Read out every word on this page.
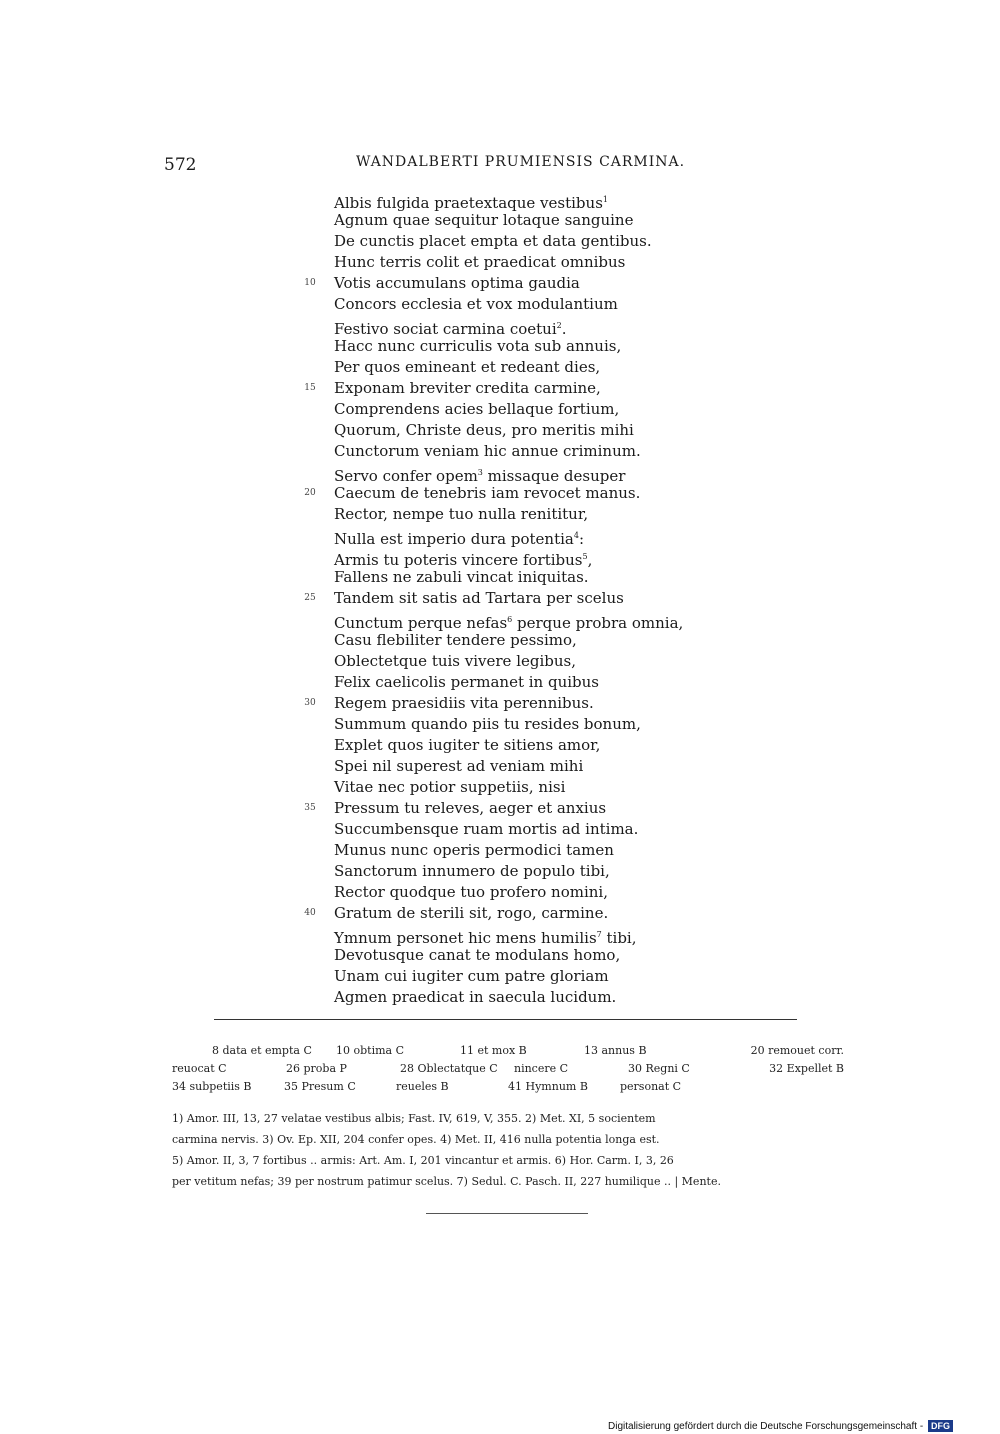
572	WANDALBERTI PRUMIENSIS CARMINA.
Albis fulgida praetextaque vestibus$^1$
Agnum quae sequitur lotaque sanguine
De cunctis placet empta et data gentibus.
Hunc terris colit et praedicat omnibus
10 Votis accumulans optima gaudia
Concors ecclesia et vox modulantium
Festivo sociat carmina coetui$^2$.
Hacc nunc curriculis vota sub annuis,
Per quos emineant et redeant dies,
15 Exponam breviter credita carmine,
Comprendens acies bellaque fortium,
Quorum, Christe deus, pro meritis mihi
Cunctorum veniam hic annue criminum.
Servo confer opem$^3$ missaque desuper
20 Caecum de tenebris iam revocet manus.
Rector, nempe tuo nulla renititur,
Nulla est imperio dura potentia$^4$:
Armis tu poteris vincere fortibus$^5$,
Fallens ne zabuli vincat iniquitas.
25 Tandem sit satis ad Tartara per scelus
Cunctum perque nefas$^6$ perque probra omnia,
Casu flebiliter tendere pessimo,
Oblectetque tuis vivere legibus,
Felix caelicolis permanet in quibus
30 Regem praesidiis vita perennibus.
Summum quando piis tu resides bonum,
Explet quos iugiter te sitiens amor,
Spei nil superest ad veniam mihi
Vitae nec potior suppetiis, nisi
35 Pressum tu releves, aeger et anxius
Succumbensque ruam mortis ad intima.
Munus nunc operis permodici tamen
Sanctorum innumero de populo tibi,
Rector quodque tuo profero nomini,
40 Gratum de sterili sit, rogo, carmine.
Ymnum personet hic mens humilis$^7$ tibi,
Devotusque canat te modulans homo,
Unam cui iugiter cum patre gloriam
Agmen praedicat in saecula lucidum.
8 data et empta C 10 obtima C	11 et mox B	13 annus B	20 remouet corr.
reuocat C	26 proba P	28 Oblectatque C nincere C	30 Regni C	32 Expellet B
34 subpetiis B	35 Presum C	reueles B	41 Hymnum B	personat C
1) Amor. III, 13, 27 velatae vestibus albis; Fast. IV, 619, V, 355. 2) Met. XI, 5 socientem
carmina nervis. 3) Ov. Ep. XII, 204 confer opes. 4) Met. II, 416 nulla potentia longa est.
5) Amor. II, 3, 7 fortibus .. armis: Art. Am. I, 201 vincantur et armis. 6) Hor. Carm. I, 3, 26
per vetitum nefas; 39 per nostrum patimur scelus. 7) Sedul. C. Pasch. II, 227 humilique .. | Mente.
Digitalisierung gefördert durch die Deutsche Forschungsgemeinschaft - DFG
